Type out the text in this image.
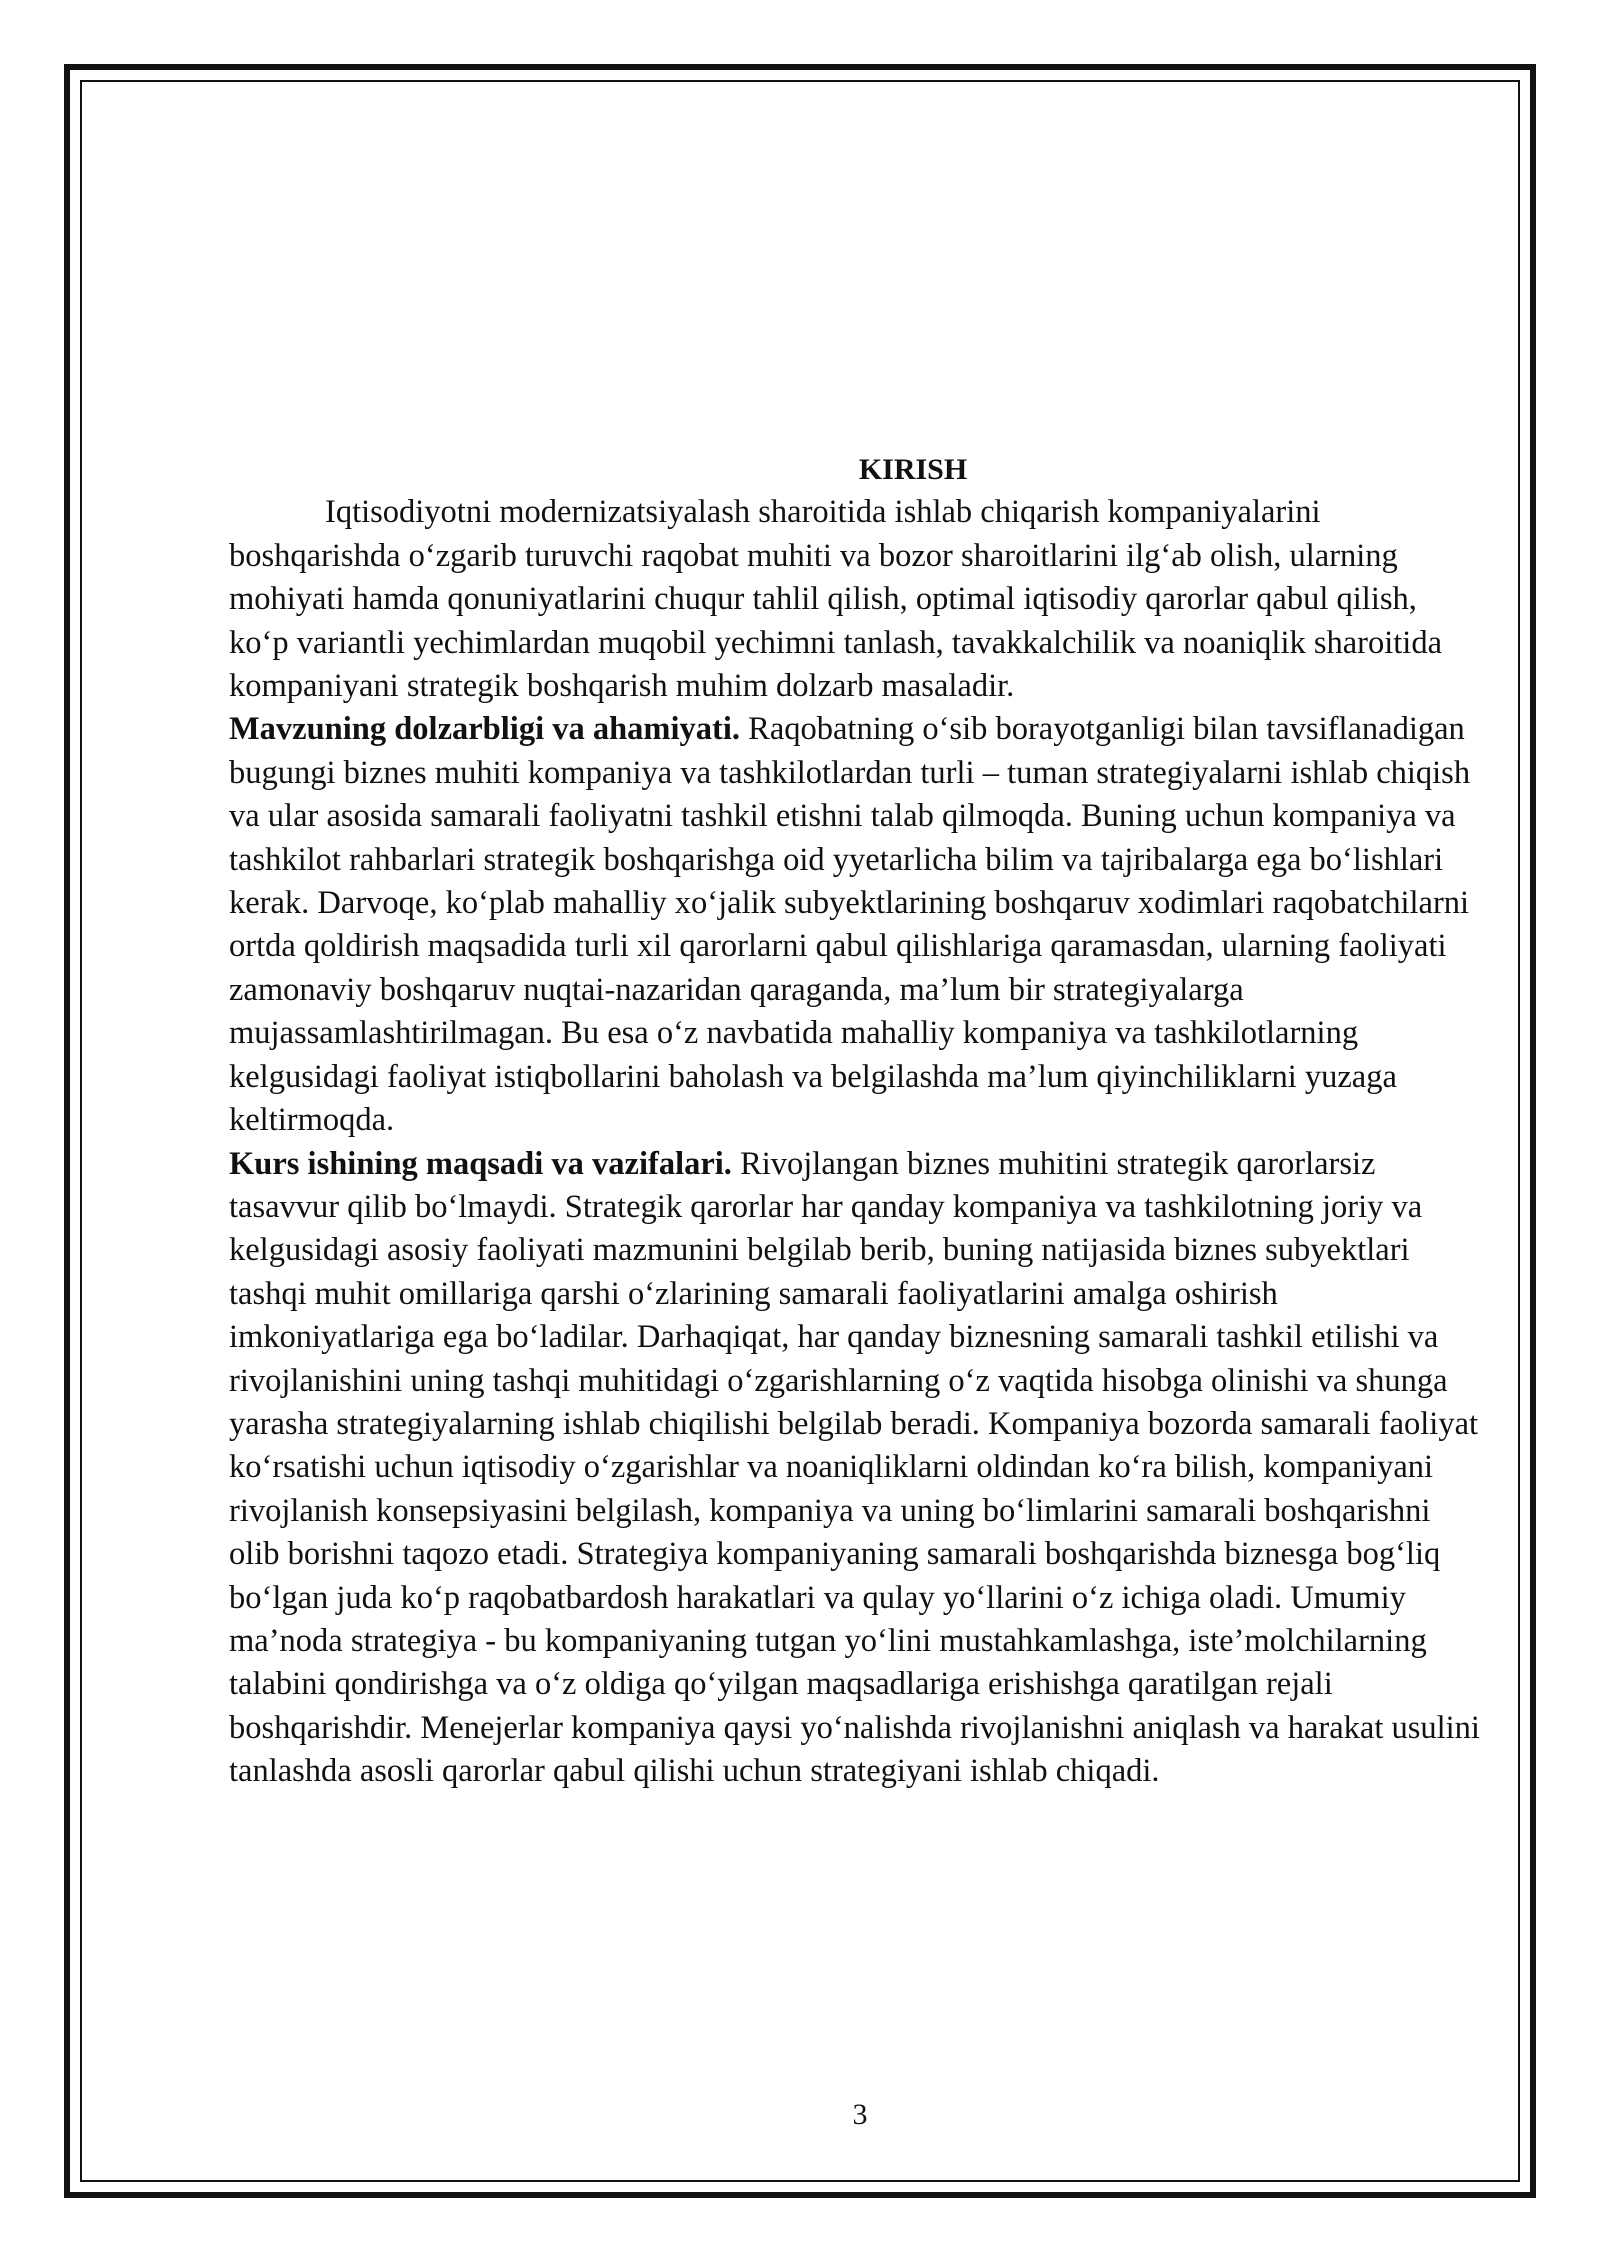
KIRISH

Iqtisodiyotni modernizatsiyalash sharoitida ishlab chiqarish kompaniyalarini boshqarishda o‘zgarib turuvchi raqobat muhiti va bozor sharoitlarini ilg‘ab olish, ularning mohiyati hamda qonuniyatlarini chuqur tahlil qilish, optimal iqtisodiy qarorlar qabul qilish, ko‘p variantli yechimlardan muqobil yechimni tanlash, tavakkalchilik va noaniqlik sharoitida kompaniyani strategik boshqarish muhim dolzarb masaladir.

Mavzuning dolzarbligi va ahamiyati. Raqobatning o‘sib borayotganligi bilan tavsiflanadigan bugungi biznes muhiti kompaniya va tashkilotlardan turli – tuman strategiyalarni ishlab chiqish va ular asosida samarali faoliyatni tashkil etishni talab qilmoqda. Buning uchun kompaniya va tashkilot rahbarlari strategik boshqarishga oid yyetarlicha bilim va tajribalarga ega bo‘lishlari kerak. Darvoqe, ko‘plab mahalliy xo‘jalik subyektlarining boshqaruv xodimlari raqobatchilarni ortda qoldirish maqsadida turli xil qarorlarni qabul qilishlariga qaramasdan, ularning faoliyati zamonaviy boshqaruv nuqtai-nazaridan qaraganda, ma’lum bir strategiyalarga mujassamlashtirilmagan. Bu esa o‘z navbatida mahalliy kompaniya va tashkilotlarning kelgusidagi faoliyat istiqbollarini baholash va belgilashda ma’lum qiyinchiliklarni yuzaga keltirmoqda.

Kurs ishining maqsadi va vazifalari. Rivojlangan biznes muhitini strategik qarorlarsiz tasavvur qilib bo‘lmaydi. Strategik qarorlar har qanday kompaniya va tashkilotning joriy va kelgusidagi asosiy faoliyati mazmunini belgilab berib, buning natijasida biznes subyektlari tashqi muhit omillariga qarshi o‘zlarining samarali faoliyatlarini amalga oshirish imkoniyatlariga ega bo‘ladilar. Darhaqiqat, har qanday biznesning samarali tashkil etilishi va rivojlanishini uning tashqi muhitidagi o‘zgarishlarning o‘z vaqtida hisobga olinishi va shunga yarasha strategiyalarning ishlab chiqilishi belgilab beradi. Kompaniya bozorda samarali faoliyat ko‘rsatishi uchun iqtisodiy o‘zgarishlar va noaniqliklarni oldindan ko‘ra bilish, kompaniyani rivojlanish konsepsiyasini belgilash, kompaniya va uning bo‘limlarini samarali boshqarishni olib borishni taqozo etadi. Strategiya kompaniyaning samarali boshqarishda biznesga bog‘liq bo‘lgan juda ko‘p raqobatbardosh harakatlari va qulay yo‘llarini o‘z ichiga oladi. Umumiy ma’noda strategiya - bu kompaniyaning tutgan yo‘lini mustahkamlashga, iste’molchilarning talabini qondirishga va o‘z oldiga qo‘yilgan maqsadlariga erishishga qaratilgan rejali boshqarishdir. Menejerlar kompaniya qaysi yo‘nalishda rivojlanishni aniqlash va harakat usulini tanlashda asosli qarorlar qabul qilishi uchun strategiyani ishlab chiqadi.

3
